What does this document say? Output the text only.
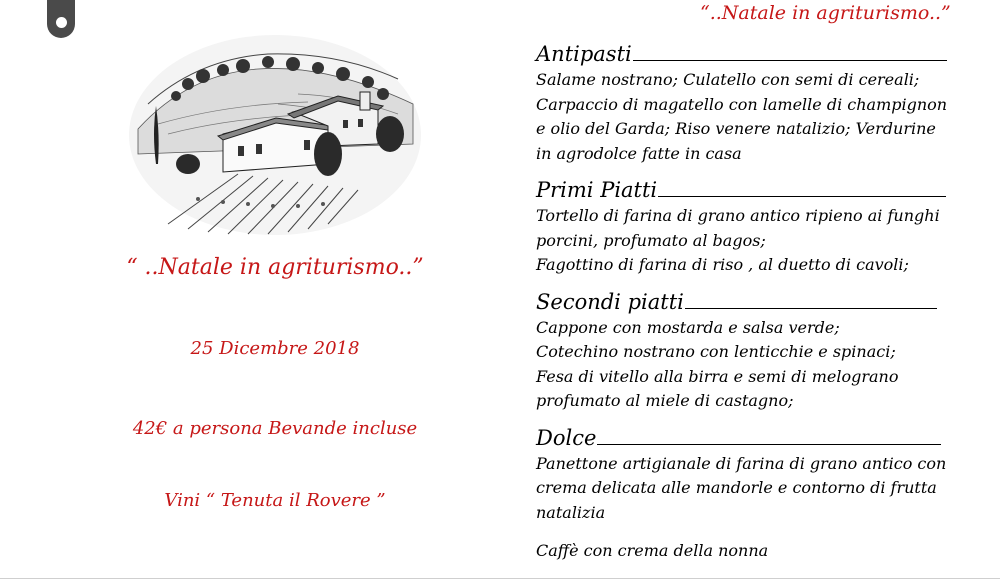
“..Natale in agriturismo..”
“ ..Natale in agriturismo..”
25 Dicembre 2018
42€ a persona Bevande incluse
Vini “ Tenuta il Rovere ”
Antipasti
Salame nostrano; Culatello con semi di cereali;
Carpaccio di magatello con lamelle di champignon
e olio del Garda; Riso venere natalizio; Verdurine
in agrodolce fatte in casa
Primi Piatti
Tortello di farina di grano antico ripieno ai funghi
porcini, profumato al bagos;
Fagottino di farina di riso , al duetto di cavoli;
Secondi piatti
Cappone con mostarda e salsa verde;
Cotechino nostrano con lenticchie e spinaci;
Fesa di vitello alla birra e semi di melograno
profumato al miele di castagno;
Dolce
Panettone artigianale di farina di grano antico con
crema delicata alle mandorle e contorno di frutta
natalizia
Caffè con crema della nonna
